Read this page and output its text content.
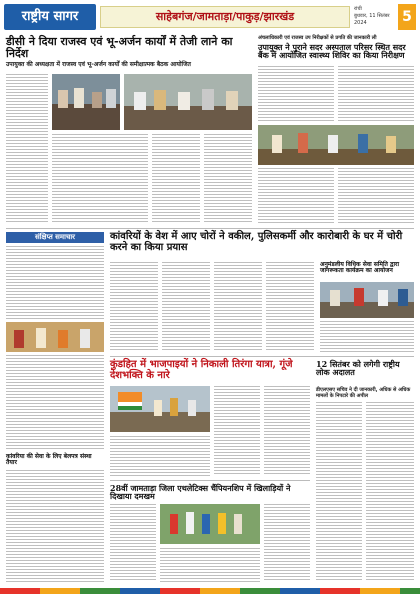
राष्ट्रीय सागर	साहेबगंज/जामताड़ा/पाकुड़/झारखंड
रांची
बुधवार, 11 सितंबर 2024	5
डीसी ने दिया राजस्व एवं भू-अर्जन कार्यों में तेजी लाने का निर्देश
उपायुक्त की अध्यक्षता में राजस्व एवं भू-अर्जन कार्यों की समीक्षात्मक बैठक आयोजित
अंचलाधिकारी एवं राजस्व उप निरीक्षकों से प्रगति की जानकारी ली
उपायुक्त ने पुराने सदर अस्पताल परिसर स्थित सदर बैंक में आयोजित स्वास्थ्य शिविर का किया निरीक्षण
संक्षिप्त समाचार
कांवरिया की सेवा के लिए बेलपत्र संस्था तैयार
कांवरियों के वेश में आए चोरों ने वकील, पुलिसकर्मी और कारोबारी के घर में चोरी करने का किया प्रयास
अनुमंडलीय विधिक सेवा समिति द्वारा जागरूकता कार्यक्रम का आयोजन
कुंडहित में भाजपाइयों ने निकाली तिरंगा यात्रा, गूंजे देशभक्ति के नारे
12 सितंबर को लगेगी राष्ट्रीय लोक अदालत
डीएलएसए सचिव ने दी जानकारी, अधिक से अधिक मामलों के निपटारे की अपील
28वीं जामताड़ा जिला एथलेटिक्स चैंपियनशिप में खिलाड़ियों ने दिखाया दमखम
